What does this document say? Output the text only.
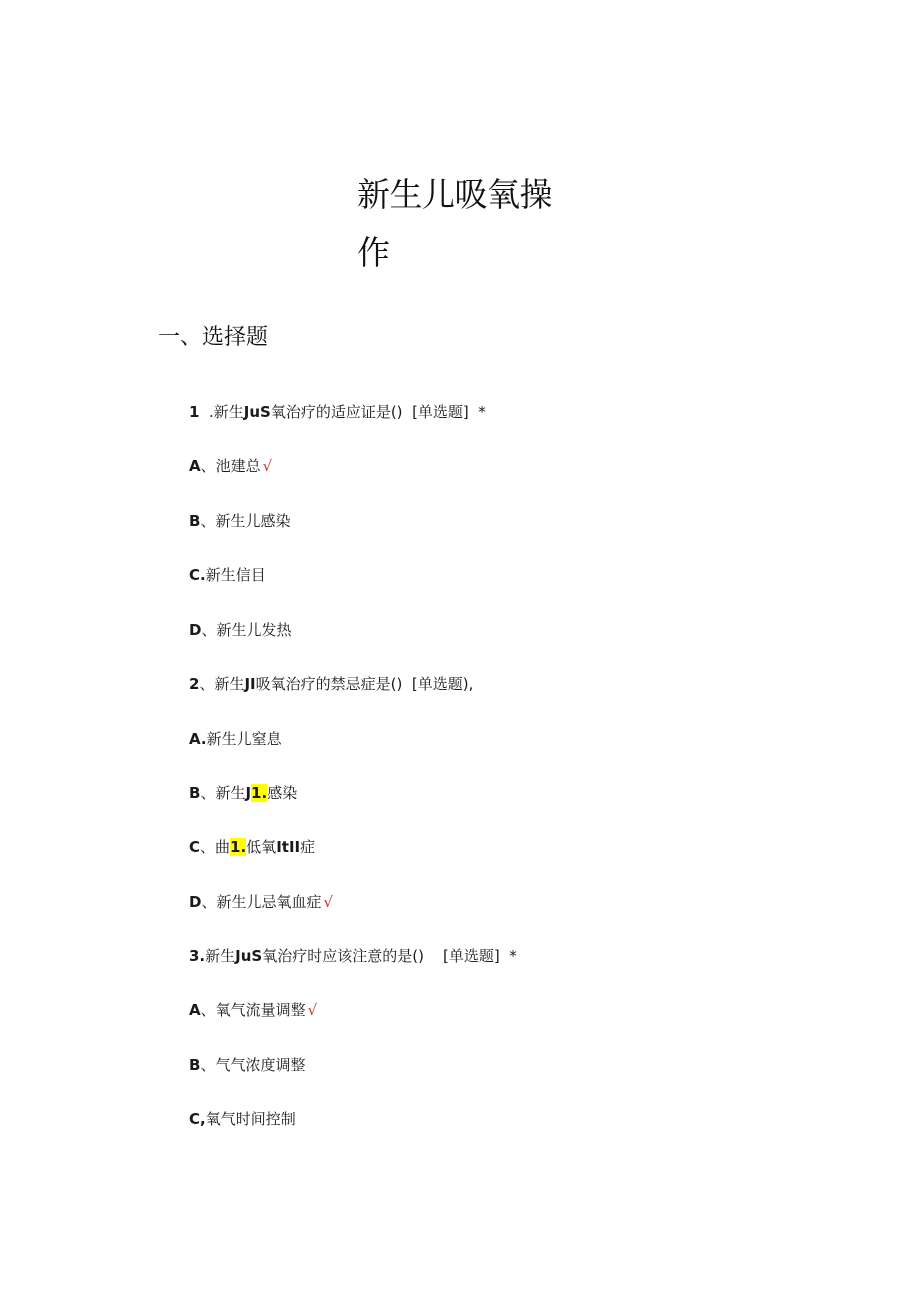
新生儿吸氧操
作
一、选择题
1  .新生JuS氧治疗的适应证是()  [单选题]  *
A、池建总 √
B、新生儿感染
C.新生信目
D、新生儿发热
2、新生JI吸氧治疗的禁忌症是()  [单选题),
A.新生儿窒息
B、新生J1.感染
C、曲1.低氧ItII症
D、新生儿忌氧血症 √
3.新生JuS氧治疗时应该注意的是()    [单选题]  *
A、氧气流量调整 √
B、气气浓度调整
C,氧气时间控制
